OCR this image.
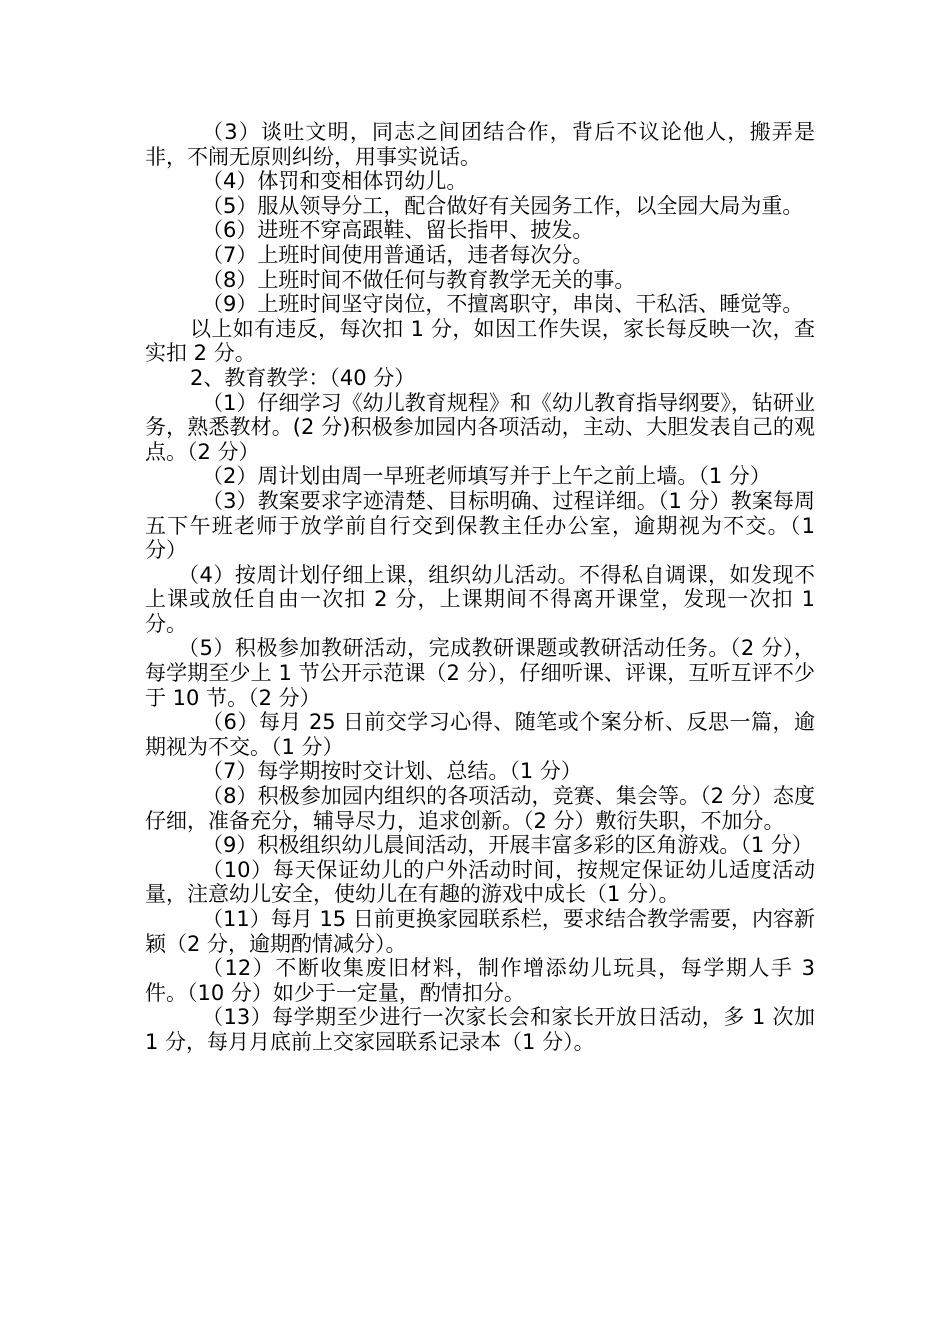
（3）谈吐文明，同志之间团结合作，背后不议论他人，搬弄是非，不闹无原则纠纷，用事实说话。

（4）体罚和变相体罚幼儿。

（5）服从领导分工，配合做好有关园务工作，以全园大局为重。

（6）进班不穿高跟鞋、留长指甲、披发。

（7）上班时间使用普通话，违者每次分。

（8）上班时间不做任何与教育教学无关的事。

（9）上班时间坚守岗位，不擅离职守，串岗、干私活、睡觉等。

以上如有违反，每次扣 1 分，如因工作失误，家长每反映一次，查实扣 2 分。

2、教育教学：（40 分）

（1）仔细学习《幼儿教育规程》和《幼儿教育指导纲要》，钻研业务，熟悉教材。(2 分)积极参加园内各项活动，主动、大胆发表自己的观点。（2 分）

（2）周计划由周一早班老师填写并于上午之前上墙。（1 分）

（3）教案要求字迹清楚、目标明确、过程详细。（1 分）教案每周五下午班老师于放学前自行交到保教主任办公室，逾期视为不交。（1 分）

（4）按周计划仔细上课，组织幼儿活动。不得私自调课，如发现不上课或放任自由一次扣 2 分，上课期间不得离开课堂，发现一次扣 1 分。

（5）积极参加教研活动，完成教研课题或教研活动任务。（2 分），每学期至少上 1 节公开示范课（2 分），仔细听课、评课，互听互评不少于 10 节。（2 分）

（6）每月 25 日前交学习心得、随笔或个案分析、反思一篇，逾期视为不交。（1 分）

（7）每学期按时交计划、总结。（1 分）

（8）积极参加园内组织的各项活动，竞赛、集会等。（2 分）态度仔细，准备充分，辅导尽力，追求创新。（2 分）敷衍失职，不加分。

（9）积极组织幼儿晨间活动，开展丰富多彩的区角游戏。（1 分）

（10）每天保证幼儿的户外活动时间，按规定保证幼儿适度活动量，注意幼儿安全，使幼儿在有趣的游戏中成长（1 分）。

（11）每月 15 日前更换家园联系栏，要求结合教学需要，内容新颖（2 分，逾期酌情减分）。

（12）不断收集废旧材料，制作增添幼儿玩具，每学期人手 3 件。（10 分）如少于一定量，酌情扣分。

（13）每学期至少进行一次家长会和家长开放日活动，多 1 次加 1 分，每月月底前上交家园联系记录本（1 分）。
